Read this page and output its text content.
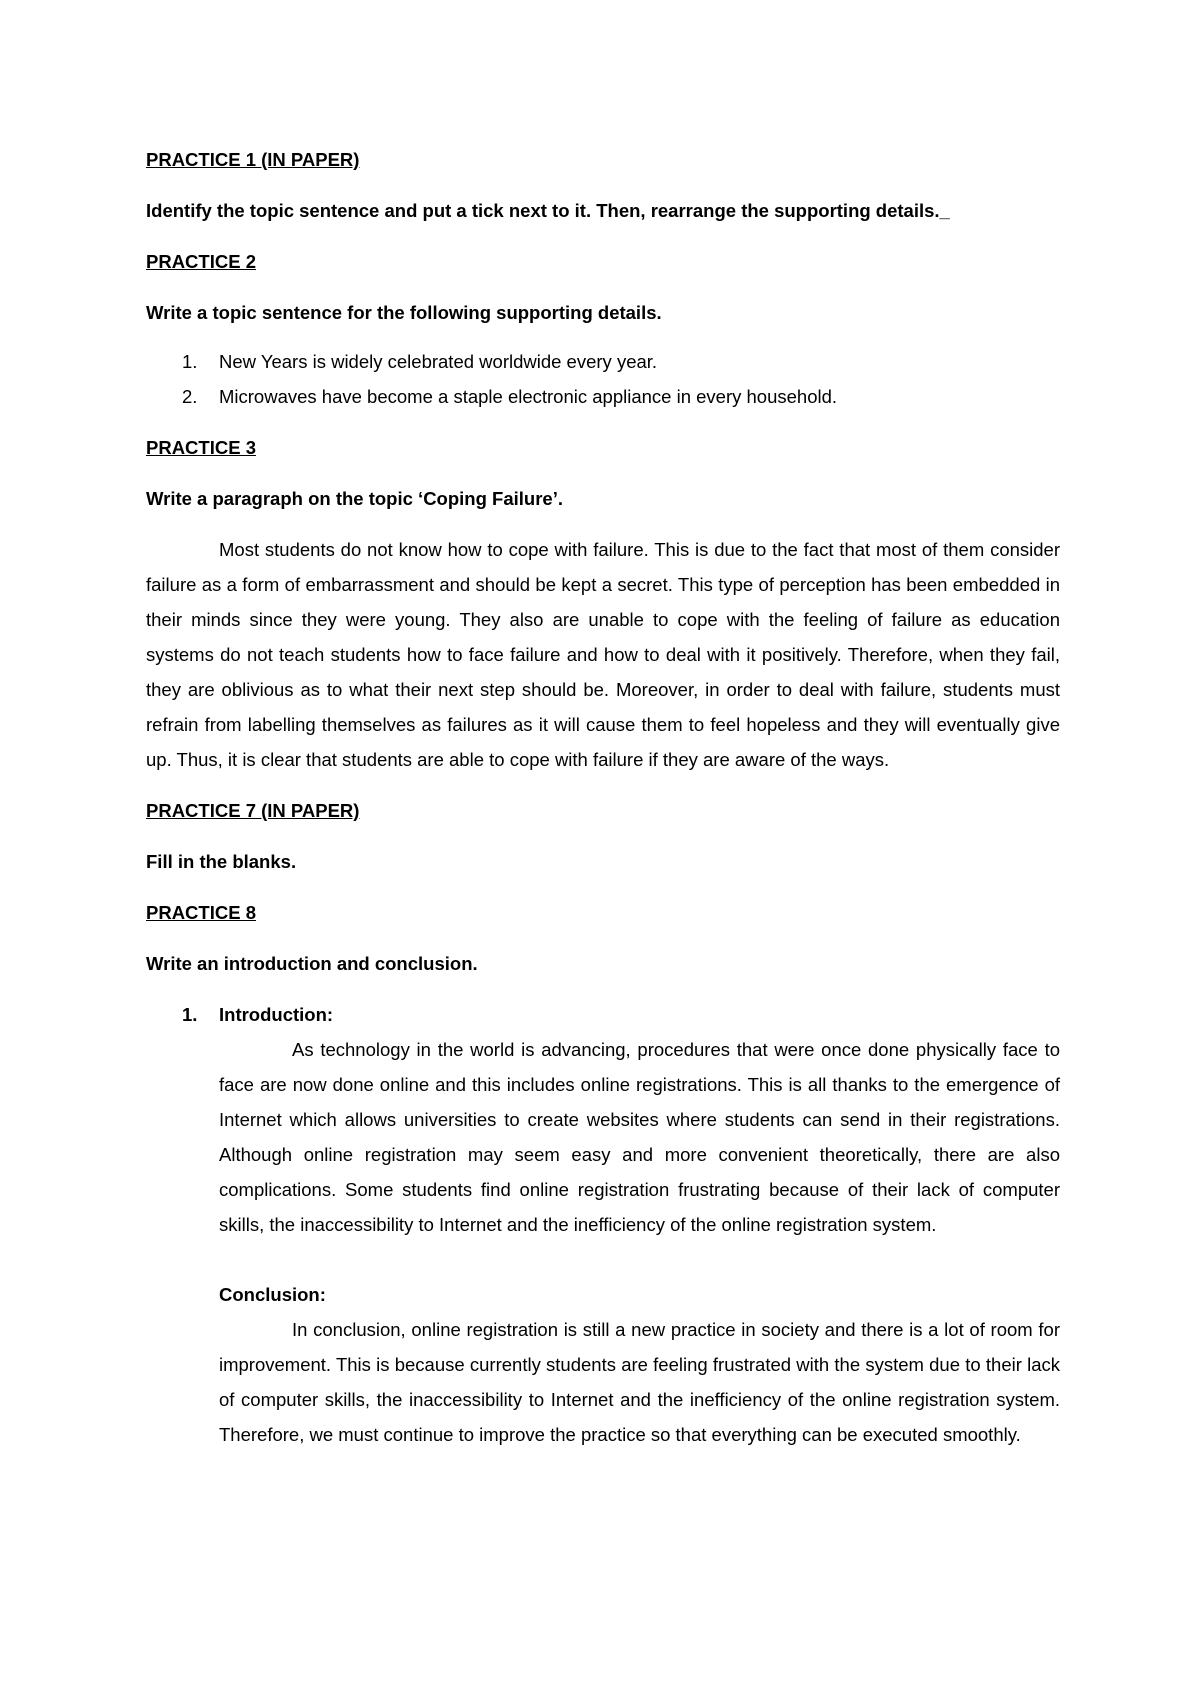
PRACTICE 1 (IN PAPER)
Identify the topic sentence and put a tick next to it. Then, rearrange the supporting details._
PRACTICE 2
Write a topic sentence for the following supporting details.
1. New Years is widely celebrated worldwide every year.
2. Microwaves have become a staple electronic appliance in every household.
PRACTICE 3
Write a paragraph on the topic ‘Coping Failure’.

Most students do not know how to cope with failure. This is due to the fact that most of them consider failure as a form of embarrassment and should be kept a secret. This type of perception has been embedded in their minds since they were young. They also are unable to cope with the feeling of failure as education systems do not teach students how to face failure and how to deal with it positively. Therefore, when they fail, they are oblivious as to what their next step should be. Moreover, in order to deal with failure, students must refrain from labelling themselves as failures as it will cause them to feel hopeless and they will eventually give up. Thus, it is clear that students are able to cope with failure if they are aware of the ways.

PRACTICE 7 (IN PAPER)
Fill in the blanks.
PRACTICE 8
Write an introduction and conclusion.
1. Introduction:

As technology in the world is advancing, procedures that were once done physically face to face are now done online and this includes online registrations. This is all thanks to the emergence of Internet which allows universities to create websites where students can send in their registrations. Although online registration may seem easy and more convenient theoretically, there are also complications. Some students find online registration frustrating because of their lack of computer skills, the inaccessibility to Internet and the inefficiency of the online registration system.

Conclusion:

In conclusion, online registration is still a new practice in society and there is a lot of room for improvement. This is because currently students are feeling frustrated with the system due to their lack of computer skills, the inaccessibility to Internet and the inefficiency of the online registration system. Therefore, we must continue to improve the practice so that everything can be executed smoothly.
